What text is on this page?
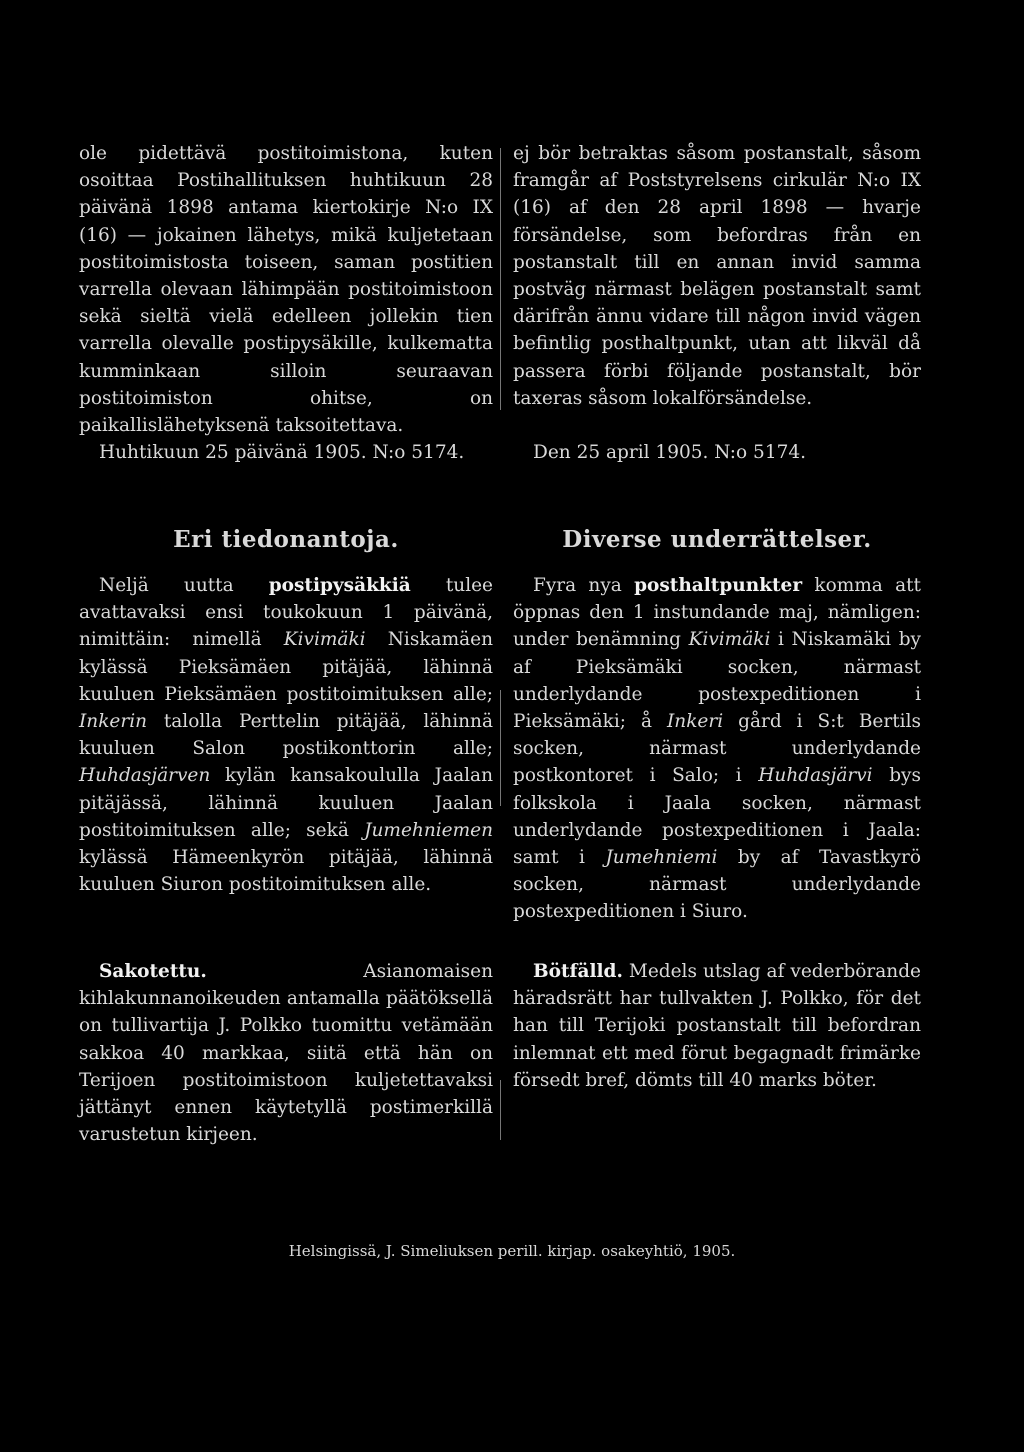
ole pidettävä postitoimistona, kuten osoittaa Postihallituksen huhtikuun 28 päivänä 1898 antama kiertokirje N:o IX (16) — jokainen lähetys, mikä kuljetetaan postitoimistosta toiseen, saman postitien varrella olevaan lähimpään postitoimistoon sekä sieltä vielä edelleen jollekin tien varrella olevalle postipysäkille, kulkematta kumminkaan silloin seuraavan postitoimiston ohitse, on paikallislähetyksenä taksoitettava.

Huhtikuun 25 päivänä 1905. N:o 5174.

ej bör betraktas såsom postanstalt, såsom framgår af Poststyrelsens cirkulär N:o IX (16) af den 28 april 1898 — hvarje försändelse, som befordras från en postanstalt till en annan invid samma postväg närmast belägen postanstalt samt därifrån ännu vidare till någon invid vägen befintlig posthaltpunkt, utan att likväl då passera förbi följande postanstalt, bör taxeras såsom lokalförsändelse.

Den 25 april 1905. N:o 5174.

Eri tiedonantoja.

Neljä uutta postipysäkkiä tulee avattavaksi ensi toukokuun 1 päivänä, nimittäin: nimellä Kivimäki Niskamäen kylässä Pieksämäen pitäjää, lähinnä kuuluen Pieksämäen postitoimituksen alle; Inkerin talolla Perttelin pitäjää, lähinnä kuuluen Salon postikonttorin alle; Huhdasjärven kylän kansakoululla Jaalan pitäjässä, lähinnä kuuluen Jaalan postitoimituksen alle; sekä Jumehniemen kylässä Hämeenkyrön pitäjää, lähinnä kuuluen Siuron postitoimituksen alle.

Diverse underrättelser.

Fyra nya posthaltpunkter komma att öppnas den 1 instundande maj, nämligen: under benämning Kivimäki i Niskamäki by af Pieksämäki socken, närmast underlydande postexpeditionen i Pieksämäki; å Inkeri gård i S:t Bertils socken, närmast underlydande postkontoret i Salo; i Huhdasjärvi bys folkskola i Jaala socken, närmast underlydande postexpeditionen i Jaala: samt i Jumehniemi by af Tavastkyrö socken, närmast underlydande postexpeditionen i Siuro.

Sakotettu. Asianomaisen kihlakunnanoikeuden antamalla päätöksellä on tullivartija J. Polkko tuomittu vetämään sakkoa 40 markkaa, siitä että hän on Terijoen postitoimistoon kuljetettavaksi jättänyt ennen käytetyllä postimerkillä varustetun kirjeen.

Bötfälld. Medels utslag af vederbörande häradsrätt har tullvakten J. Polkko, för det han till Terijoki postanstalt till befordran inlemnat ett med förut begagnadt frimärke försedt bref, dömts till 40 marks böter.

Helsingissä, J. Simeliuksen perill. kirjap. osakeyhtiö, 1905.
